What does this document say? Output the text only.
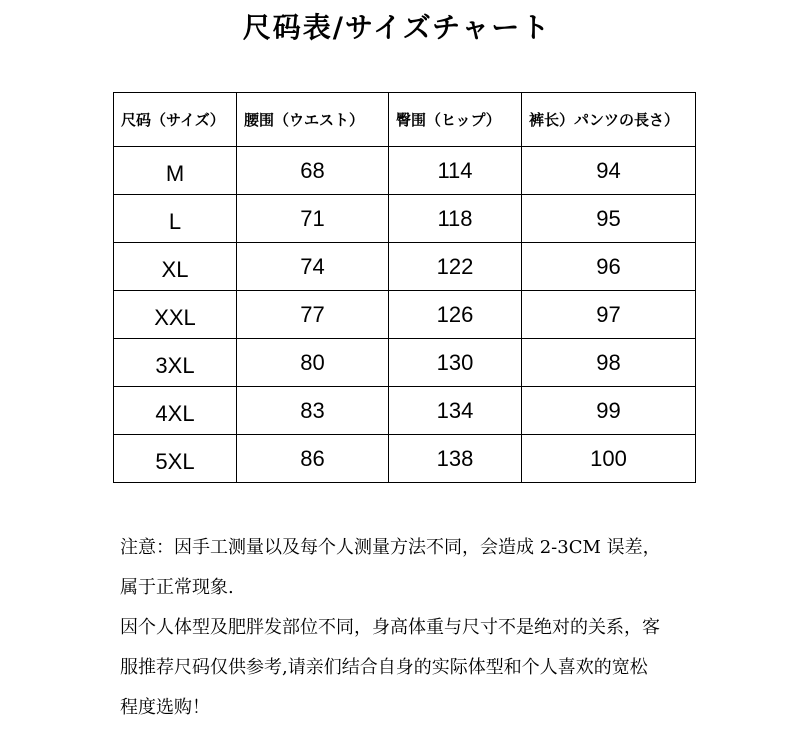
尺码表/サイズチャート
尺码（サイズ）	腰围（ウエスト）	臀围（ヒップ）	裤长）パンツの長さ）
M	68	114	94
L	71	118	95
XL	74	122	96
XXL	77	126	97
3XL	80	130	98
4XL	83	134	99
5XL	86	138	100
注意：因手工测量以及每个人测量方法不同，会造成 2-3CM 误差，
属于正常现象.
因个人体型及肥胖发部位不同，身高体重与尺寸不是绝对的关系，客
服推荐尺码仅供参考,请亲们结合自身的实际体型和个人喜欢的宽松
程度选购！
